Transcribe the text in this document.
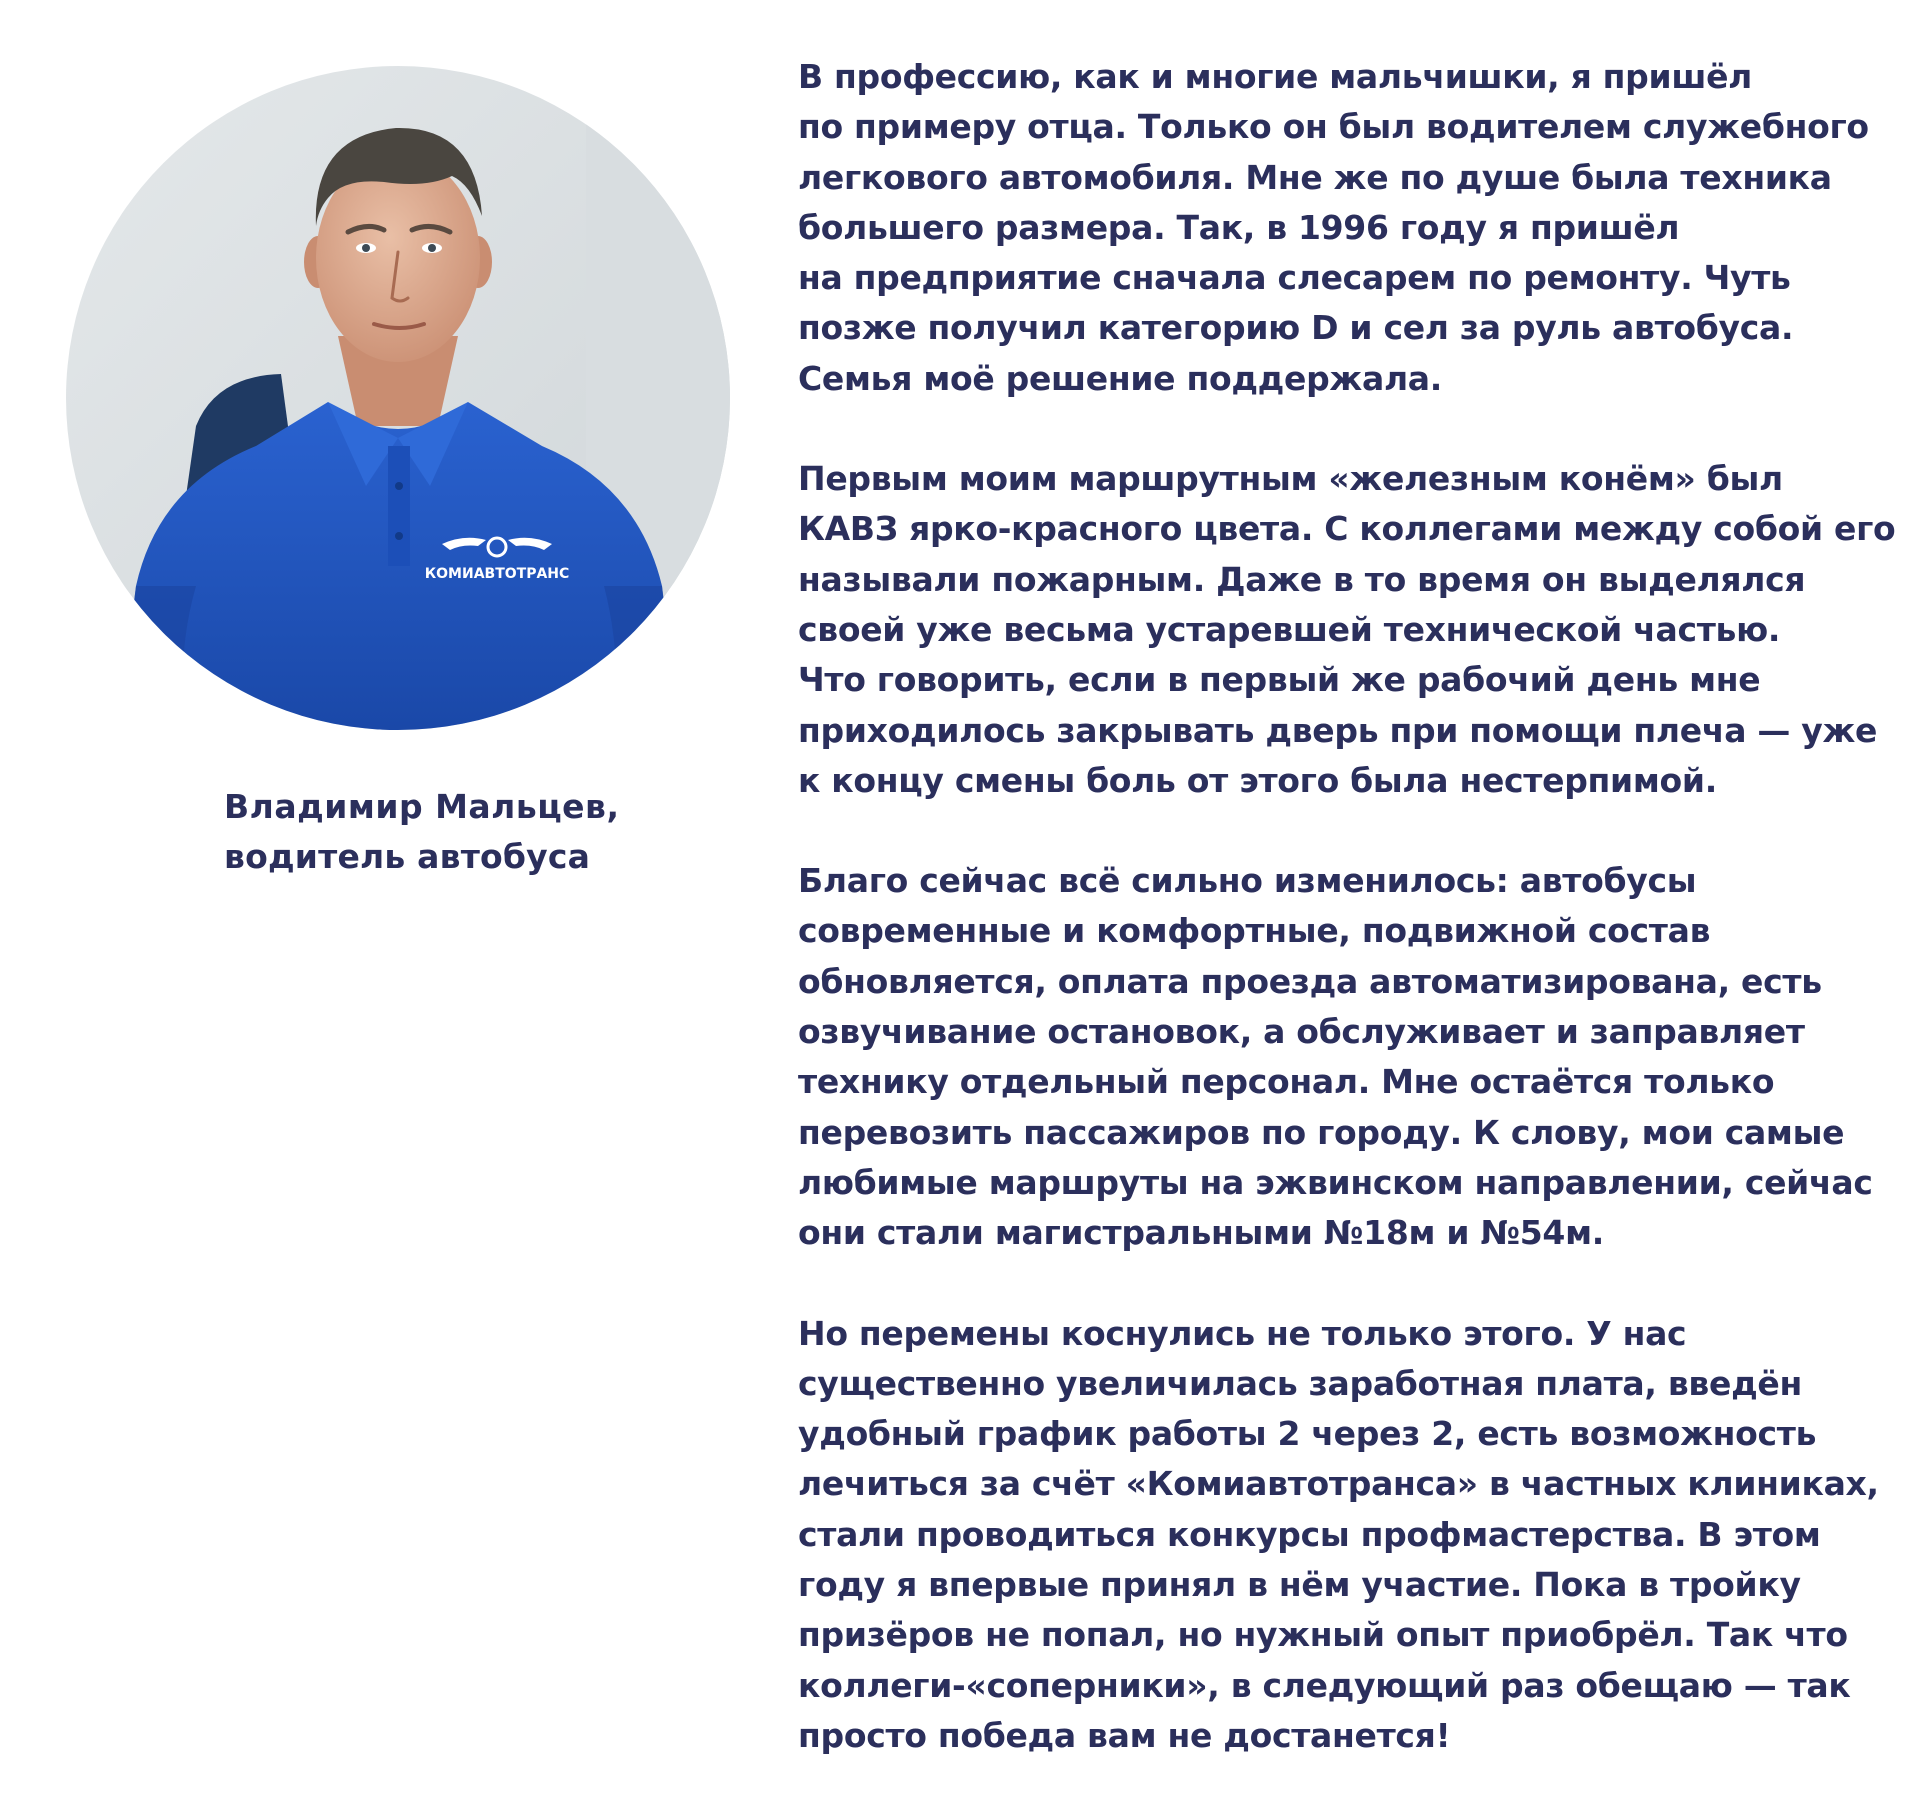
КОМИАВТОТРАНС
Владимир Мальцев,
водитель автобуса
В профессию, как и многие мальчишки, я пришёл
по примеру отца. Только он был водителем служебного
легкового автомобиля. Мне же по душе была техника
большего размера. Так, в 1996 году я пришёл
на предприятие сначала слесарем по ремонту. Чуть
позже получил категорию D и сел за руль автобуса.
Семья моё решение поддержала.
Первым моим маршрутным «железным конём» был
КАВЗ ярко-красного цвета. С коллегами между собой его
называли пожарным. Даже в то время он выделялся
своей уже весьма устаревшей технической частью.
Что говорить, если в первый же рабочий день мне
приходилось закрывать дверь при помощи плеча — уже
к концу смены боль от этого была нестерпимой.
Благо сейчас всё сильно изменилось: автобусы
современные и комфортные, подвижной состав
обновляется, оплата проезда автоматизирована, есть
озвучивание остановок, а обслуживает и заправляет
технику отдельный персонал. Мне остаётся только
перевозить пассажиров по городу. К слову, мои самые
любимые маршруты на эжвинском направлении, сейчас
они стали магистральными №18м и №54м.
Но перемены коснулись не только этого. У нас
существенно увеличилась заработная плата, введён
удобный график работы 2 через 2, есть возможность
лечиться за счёт «Комиавтотранса» в частных клиниках,
стали проводиться конкурсы профмастерства. В этом
году я впервые принял в нём участие. Пока в тройку
призёров не попал, но нужный опыт приобрёл. Так что
коллеги-«соперники», в следующий раз обещаю — так
просто победа вам не достанется!
